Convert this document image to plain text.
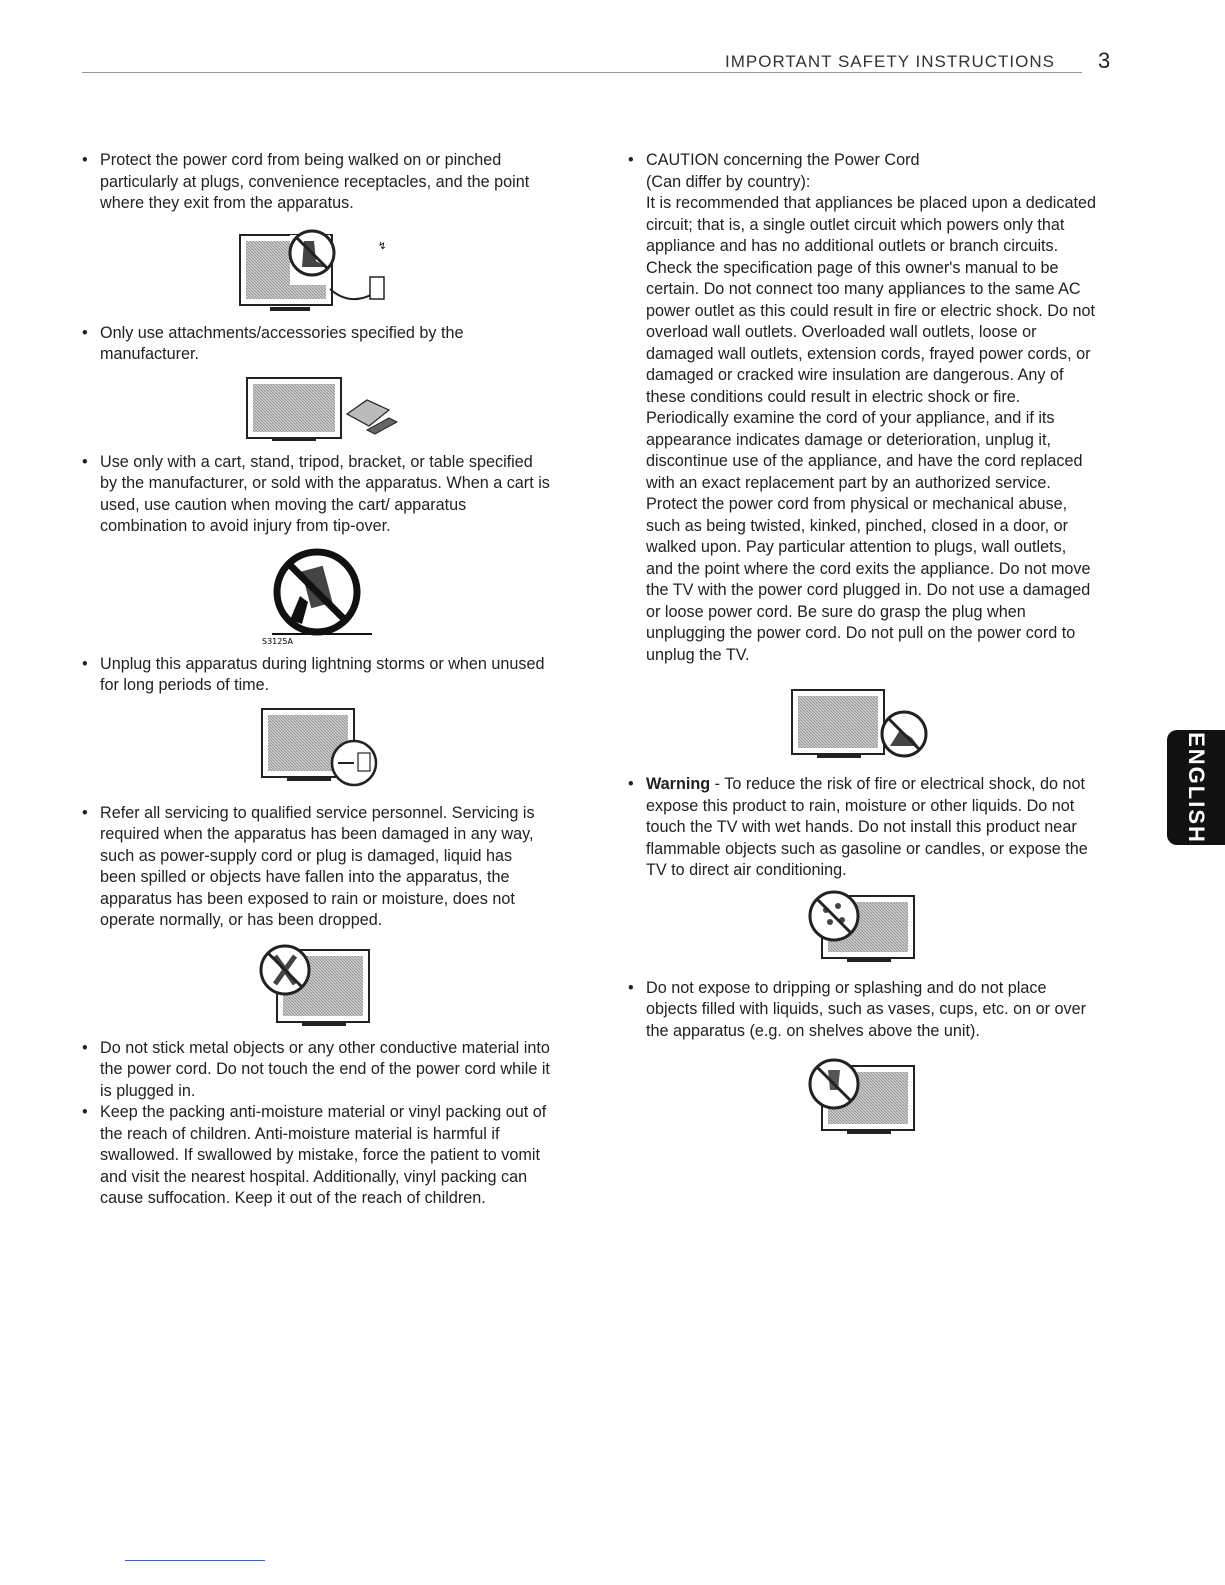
IMPORTANT SAFETY INSTRUCTIONS 3

• Protect the power cord from being walked on or pinched particularly at plugs, convenience receptacles, and the point where they exit from the apparatus.

↯

• Only use attachments/accessories specified by the manufacturer.

• Use only with a cart, stand, tripod, bracket, or table specified by the manufacturer, or sold with the apparatus. When a cart is used, use caution when moving the cart/ apparatus combination to avoid injury from tip-over.

S3125A

• Unplug this apparatus during lightning storms or when unused for long periods of time.

• Refer all servicing to qualified service personnel. Servicing is required when the apparatus has been damaged in any way, such as power-supply cord or plug is damaged, liquid has been spilled or objects have fallen into the apparatus, the apparatus has been exposed to rain or moisture, does not operate normally, or has been dropped.

• Do not stick metal objects or any other conductive material into the power cord. Do not touch the end of the power cord while it is plugged in.

• Keep the packing anti-moisture material or vinyl packing out of the reach of children. Anti-moisture material is harmful if swallowed. If swallowed by mistake, force the patient to vomit and visit the nearest hospital. Additionally, vinyl packing can cause suffocation. Keep it out of the reach of children.

• CAUTION concerning the Power Cord

(Can differ by country):

It is recommended that appliances be placed upon a dedicated circuit; that is, a single outlet circuit which powers only that appliance and has no additional outlets or branch circuits. Check the specification page of this owner's manual to be certain. Do not connect too many appliances to the same AC power outlet as this could result in fire or electric shock. Do not overload wall outlets. Overloaded wall outlets, loose or damaged wall outlets, extension cords, frayed power cords, or damaged or cracked wire insulation are dangerous. Any of these conditions could result in electric shock or fire. Periodically examine the cord of your appliance, and if its appearance indicates damage or deterioration, unplug it, discontinue use of the appliance, and have the cord replaced with an exact replacement part by an authorized service. Protect the power cord from physical or mechanical abuse, such as being twisted, kinked, pinched, closed in a door, or walked upon. Pay particular attention to plugs, wall outlets, and the point where the cord exits the appliance. Do not move the TV with the power cord plugged in. Do not use a damaged or loose power cord. Be sure do grasp the plug when unplugging the power cord. Do not pull on the power cord to unplug the TV.

• Warning - To reduce the risk of fire or electrical shock, do not expose this product to rain, moisture or other liquids. Do not touch the TV with wet hands. Do not install this product near flammable objects such as gasoline or candles, or expose the TV to direct air conditioning.

• Do not expose to dripping or splashing and do not place objects filled with liquids, such as vases, cups, etc. on or over the apparatus (e.g. on shelves above the unit).

ENGLISH
